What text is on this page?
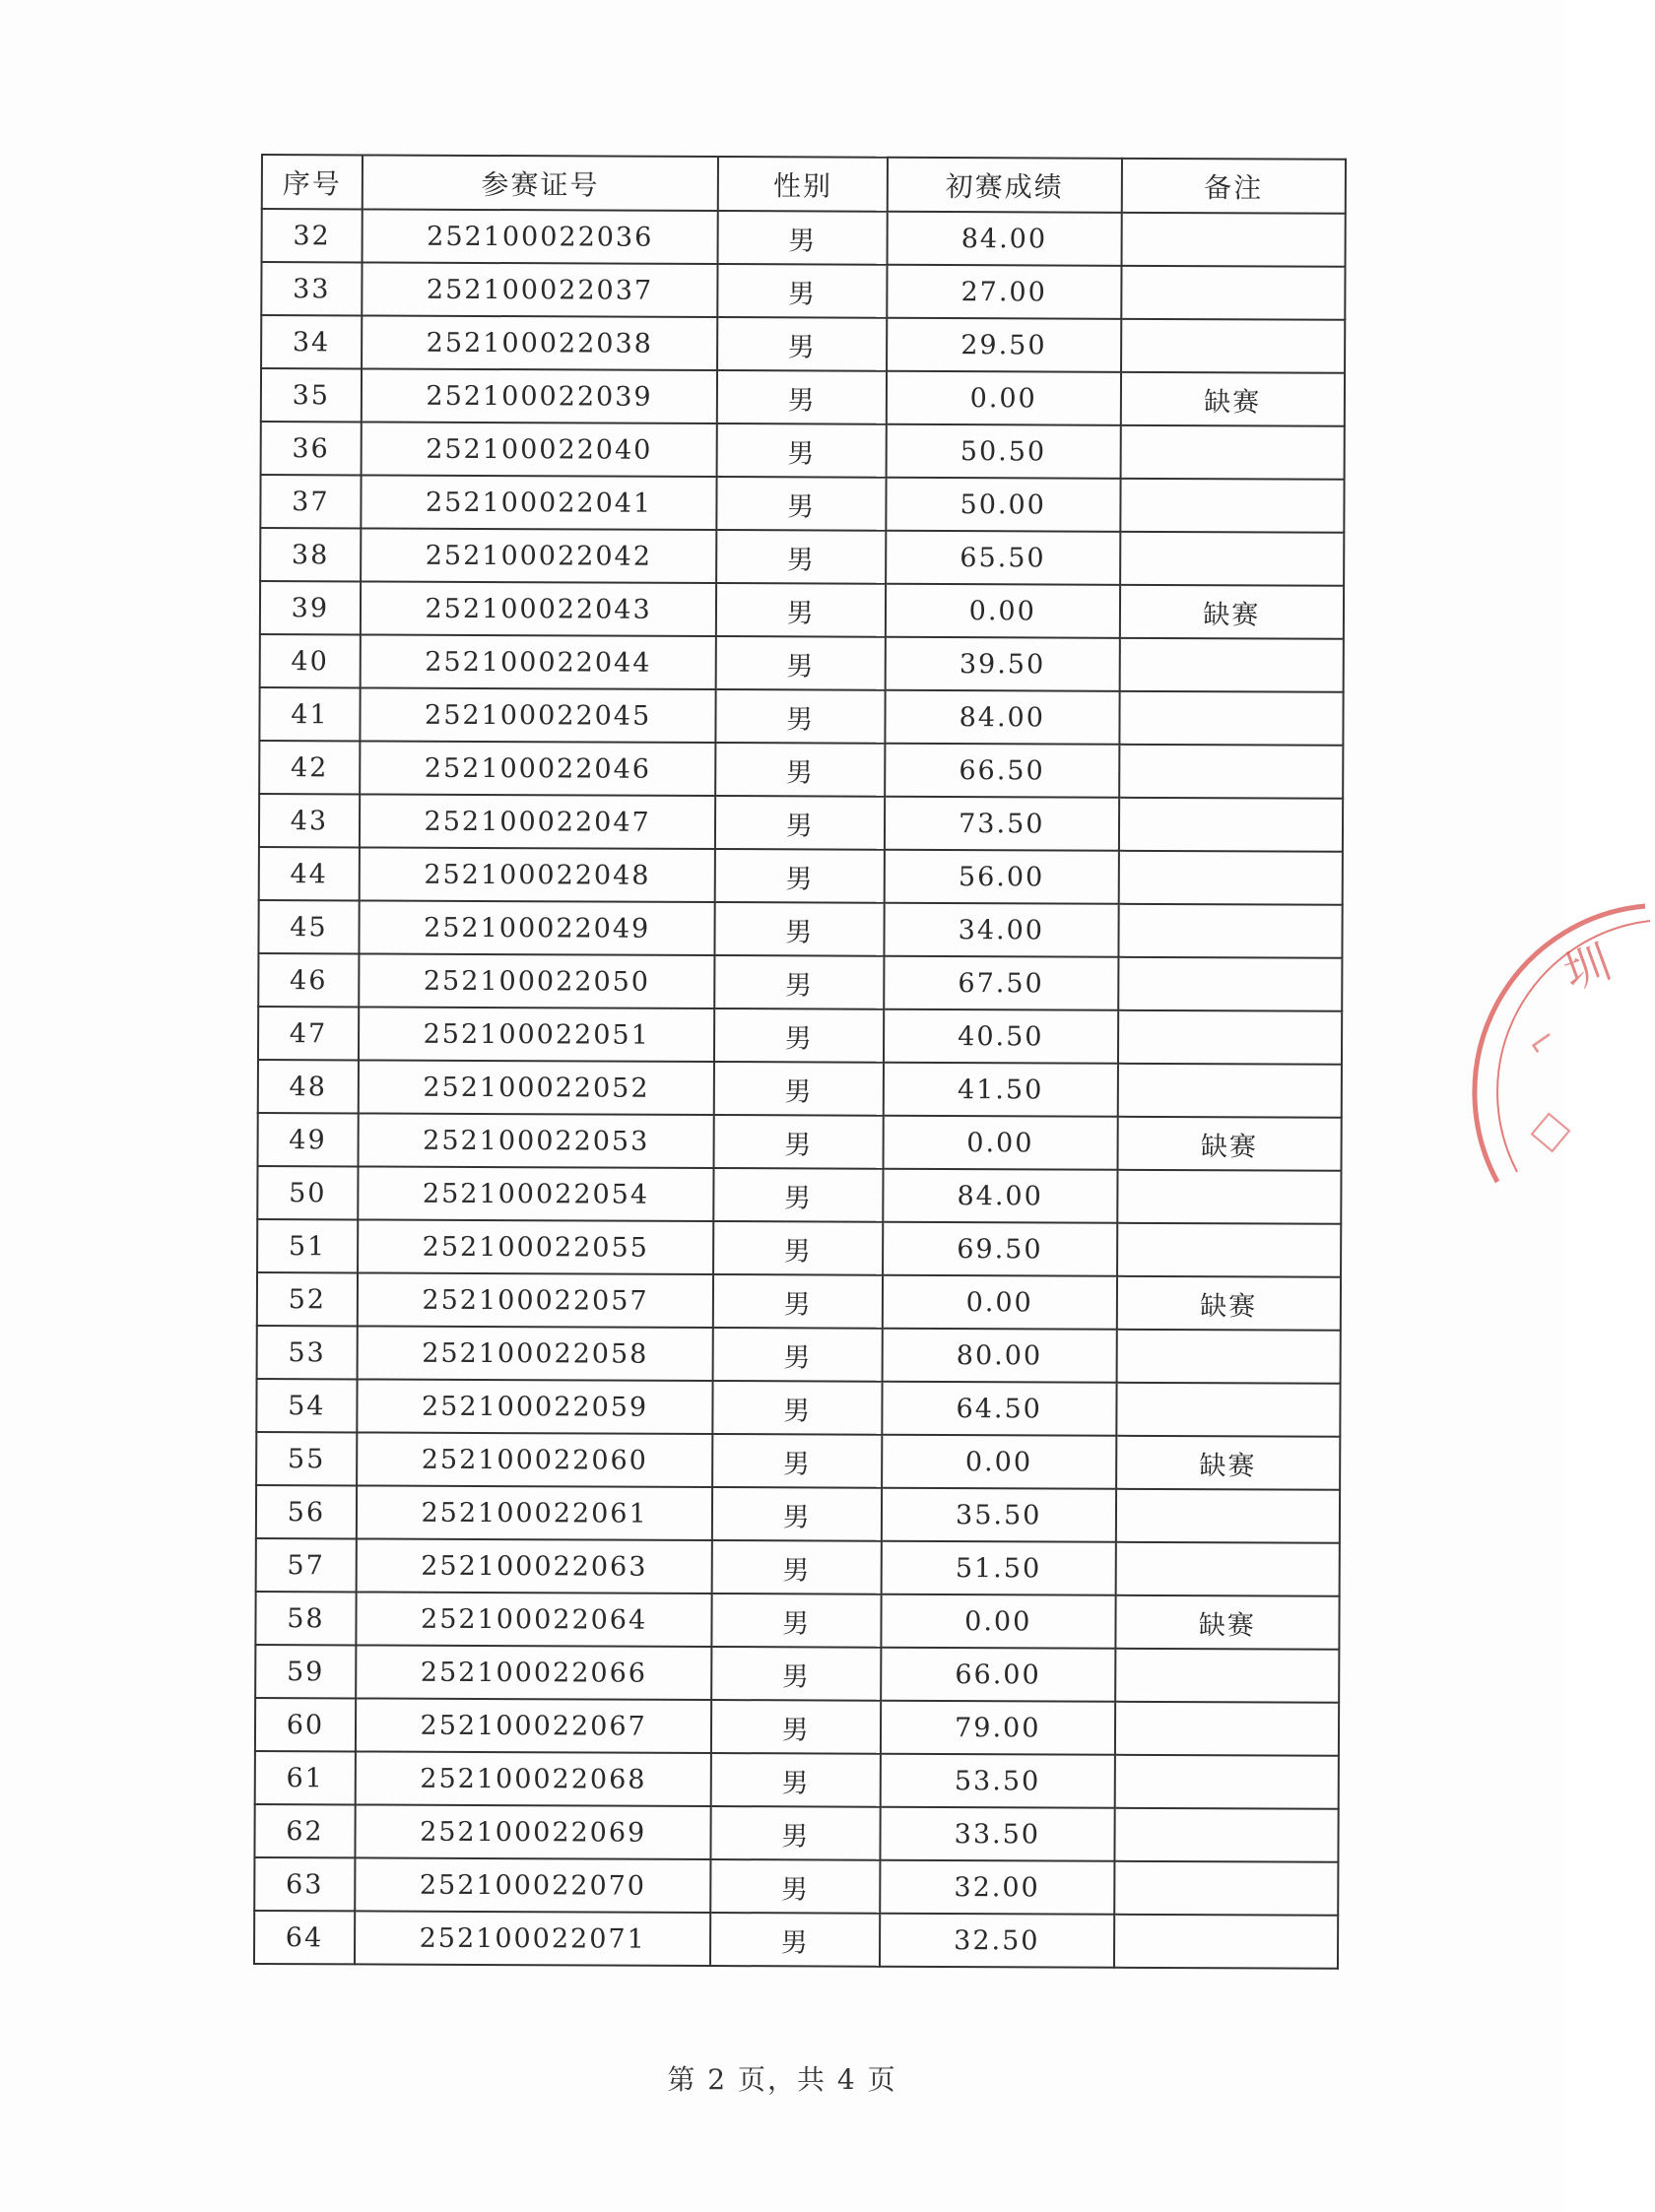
序号	参赛证号	性别	初赛成绩	备注
32	252100022036	男	84.00	
33	252100022037	男	27.00	
34	252100022038	男	29.50	
35	252100022039	男	0.00	缺赛
36	252100022040	男	50.50	
37	252100022041	男	50.00	
38	252100022042	男	65.50	
39	252100022043	男	0.00	缺赛
40	252100022044	男	39.50	
41	252100022045	男	84.00	
42	252100022046	男	66.50	
43	252100022047	男	73.50	
44	252100022048	男	56.00	
45	252100022049	男	34.00	
46	252100022050	男	67.50	
47	252100022051	男	40.50	
48	252100022052	男	41.50	
49	252100022053	男	0.00	缺赛
50	252100022054	男	84.00	
51	252100022055	男	69.50	
52	252100022057	男	0.00	缺赛
53	252100022058	男	80.00	
54	252100022059	男	64.50	
55	252100022060	男	0.00	缺赛
56	252100022061	男	35.50	
57	252100022063	男	51.50	
58	252100022064	男	0.00	缺赛
59	252100022066	男	66.00	
60	252100022067	男	79.00	
61	252100022068	男	53.50	
62	252100022069	男	33.50	
63	252100022070	男	32.00	
64	252100022071	男	32.50	
第 2 页，共 4 页
圳
⌐
□
